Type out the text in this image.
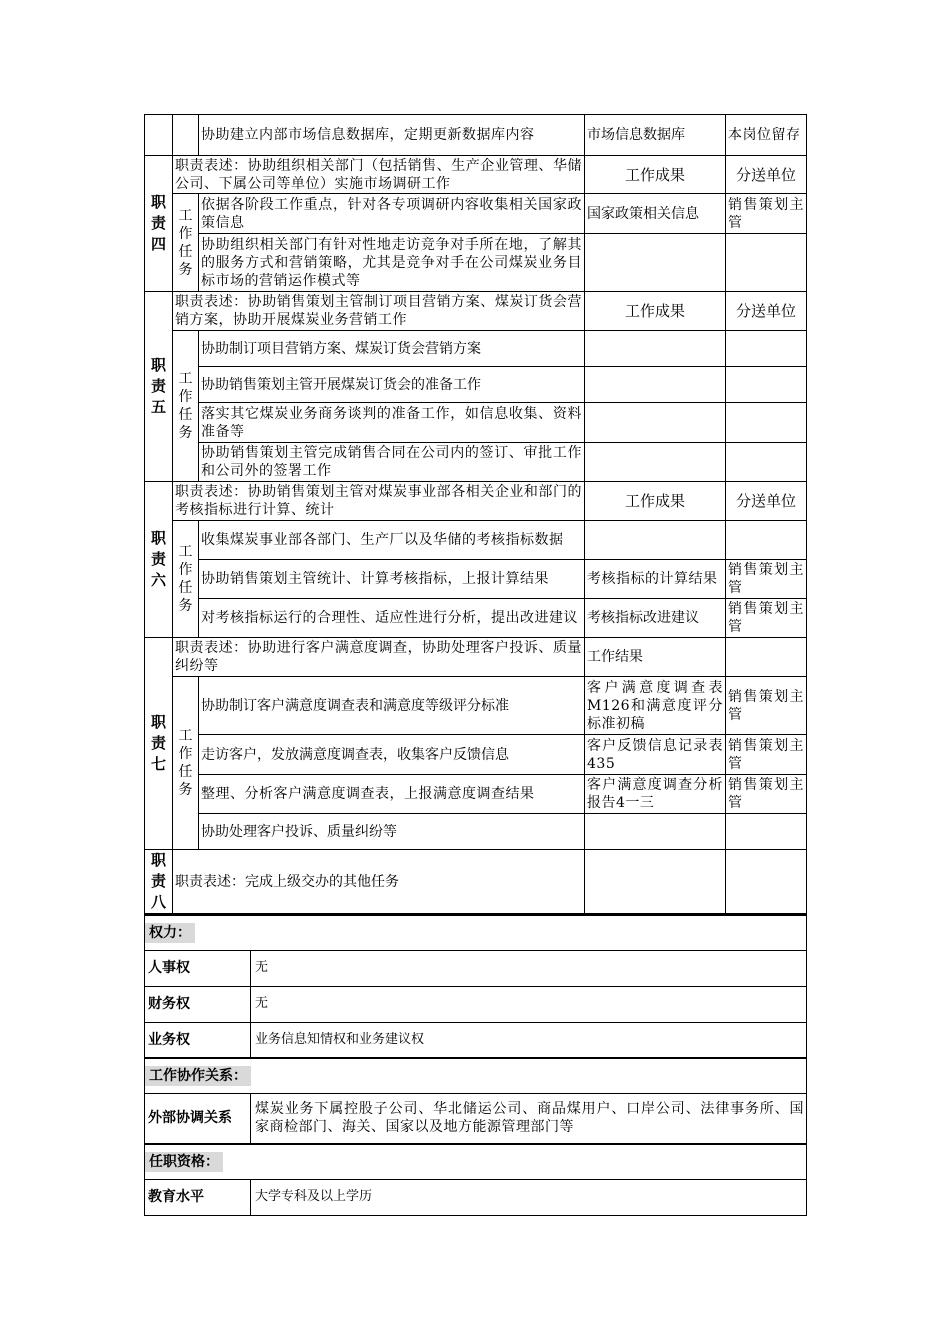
		协助建立内部市场信息数据库，定期更新数据库内容	市场信息数据库	本岗位留存
职责四	职责表述：协助组织相关部门（包括销售、生产企业管理、华储公司、下属公司等单位）实施市场调研工作		工作成果	分送单位
	工作任务	依据各阶段工作重点，针对各专项调研内容收集相关国家政策信息	国家政策相关信息	销售策划主管
		协助组织相关部门有针对性地走访竞争对手所在地，了解其的服务方式和营销策略，尤其是竞争对手在公司煤炭业务目标市场的营销运作模式等		
职责五	职责表述：协助销售策划主管制订项目营销方案、煤炭订货会营销方案，协助开展煤炭业务营销工作		工作成果	分送单位
	工作任务	协助制订项目营销方案、煤炭订货会营销方案		
		协助销售策划主管开展煤炭订货会的准备工作		
		落实其它煤炭业务商务谈判的准备工作，如信息收集、资料准备等		
		协助销售策划主管完成销售合同在公司内的签订、审批工作和公司外的签署工作		
职责六	职责表述：协助销售策划主管对煤炭事业部各相关企业和部门的考核指标进行计算、统计		工作成果	分送单位
	工作任务	收集煤炭事业部各部门、生产厂以及华储的考核指标数据		
		协助销售策划主管统计、计算考核指标，上报计算结果	考核指标的计算结果	销售策划主管
		对考核指标运行的合理性、适应性进行分析，提出改进建议	考核指标改进建议	销售策划主管
职责七	职责表述：协助进行客户满意度调查，协助处理客户投诉、质量纠纷等		工作结果	
	工作任务	协助制订客户满意度调查表和满意度等级评分标准	客户满意度调查表M126和满意度评分标准初稿	销售策划主管
		走访客户，发放满意度调查表，收集客户反馈信息	客户反馈信息记录表435	销售策划主管
		整理、分析客户满意度调查表，上报满意度调查结果	客户满意度调查分析报告4一三	销售策划主管
		协助处理客户投诉、质量纠纷等		
职责八	职责表述：完成上级交办的其他任务			
权力：	
人事权	无
财务权	无
业务权	业务信息知情权和业务建议权
工作协作关系：	
外部协调关系	煤炭业务下属控股子公司、华北储运公司、商品煤用户、口岸公司、法律事务所、国家商检部门、海关、国家以及地方能源管理部门等
任职资格：	
教育水平	大学专科及以上学历
